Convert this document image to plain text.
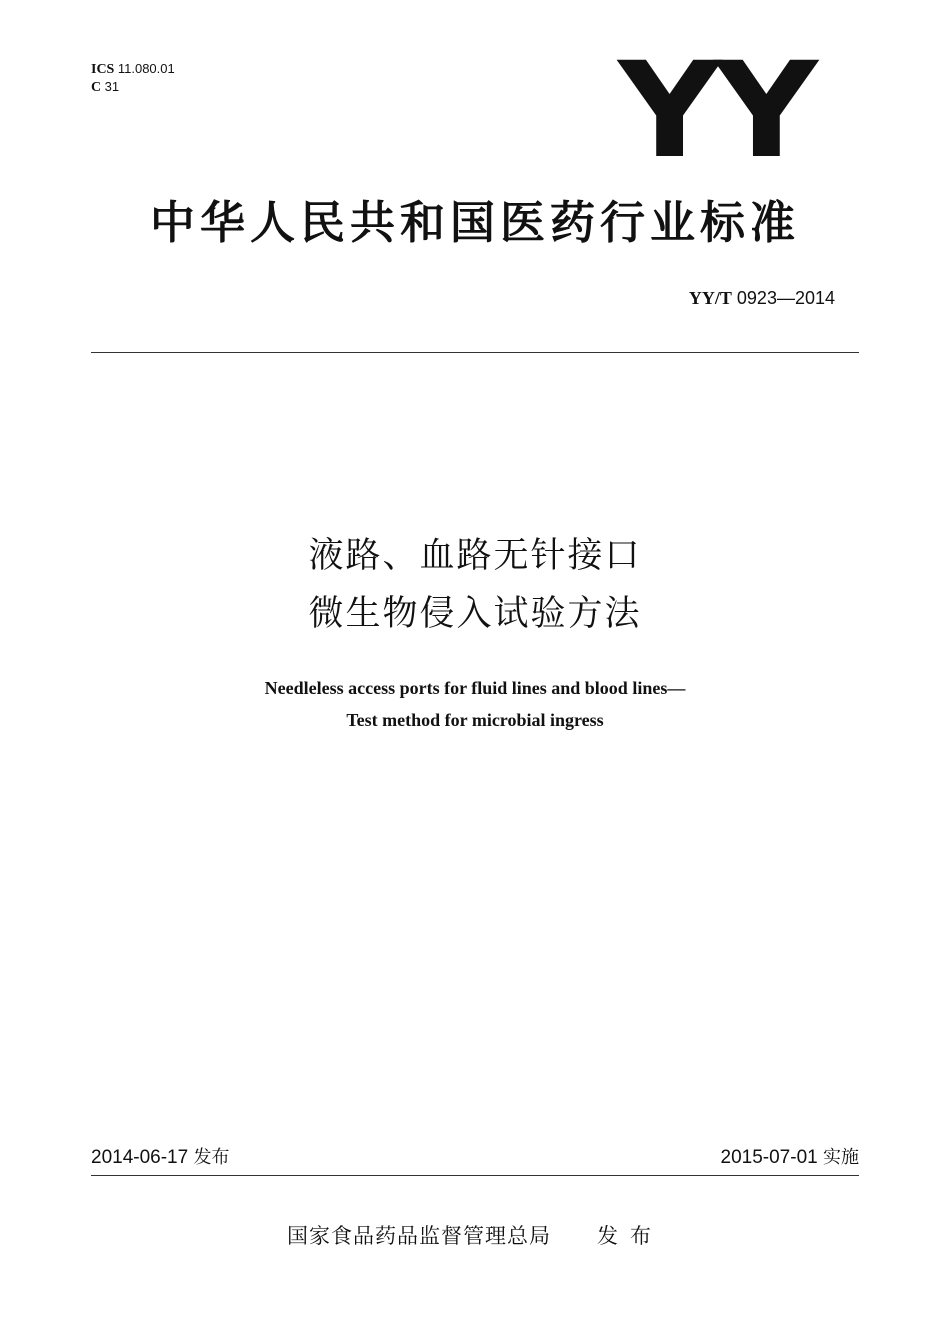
ICS 11.080.01
C 31	YY
中华人民共和国医药行业标准
YY/T 0923—2014
液路、血路无针接口
微生物侵入试验方法
Needleless access ports for fluid lines and blood lines—
Test method for microbial ingress
2014-06-17 发布	2015-07-01 实施
国家食品药品监督管理总局 发布
